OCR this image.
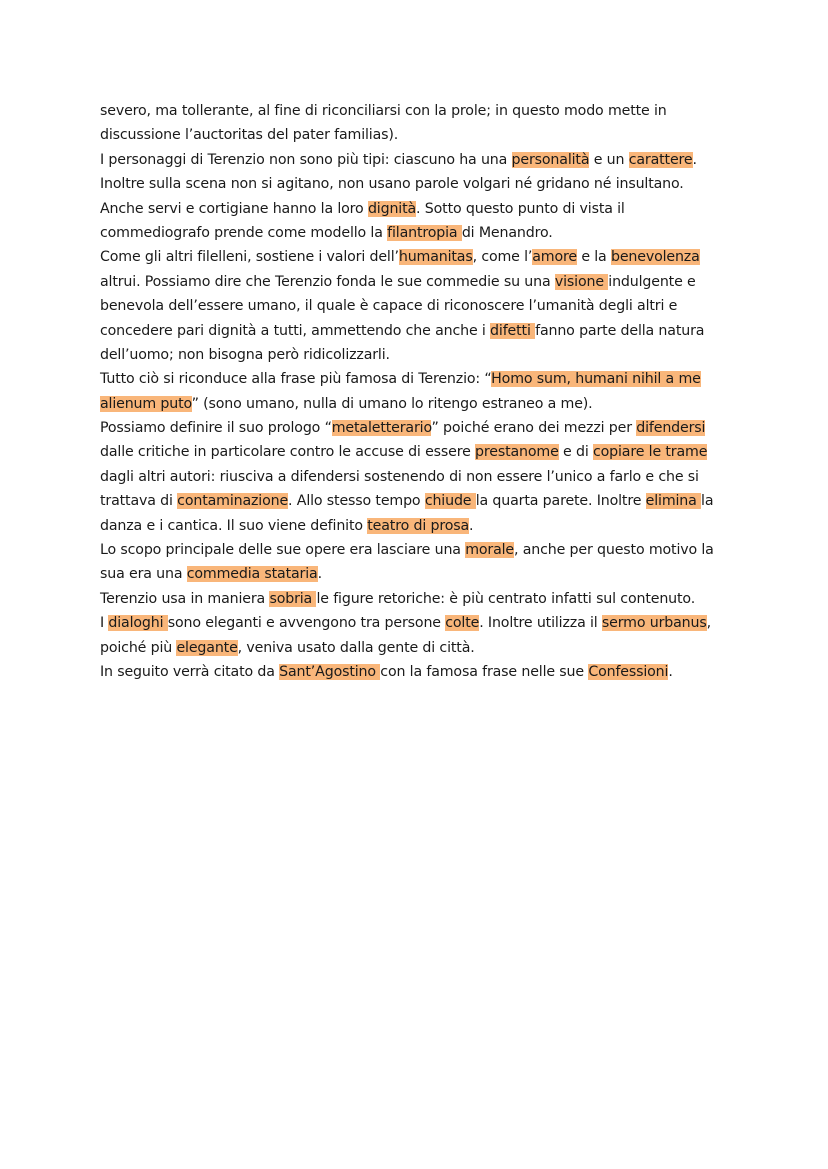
severo, ma tollerante, al fine di riconciliarsi con la prole; in questo modo mette in
discussione l’auctoritas del pater familias).
I personaggi di Terenzio non sono più tipi: ciascuno ha una personalità e un carattere.
Inoltre sulla scena non si agitano, non usano parole volgari né gridano né insultano.
Anche servi e cortigiane hanno la loro dignità. Sotto questo punto di vista il
commediografo prende come modello la filantropia di Menandro.
Come gli altri filelleni, sostiene i valori dell’humanitas, come l’amore e la benevolenza
altrui. Possiamo dire che Terenzio fonda le sue commedie su una visione indulgente e
benevola dell’essere umano, il quale è capace di riconoscere l’umanità degli altri e
concedere pari dignità a tutti, ammettendo che anche i difetti fanno parte della natura
dell’uomo; non bisogna però ridicolizzarli.
Tutto ciò si riconduce alla frase più famosa di Terenzio: “Homo sum, humani nihil a me
alienum puto” (sono umano, nulla di umano lo ritengo estraneo a me).
Possiamo definire il suo prologo “metaletterario” poiché erano dei mezzi per difendersi
dalle critiche in particolare contro le accuse di essere prestanome e di copiare le trame
dagli altri autori: riusciva a difendersi sostenendo di non essere l’unico a farlo e che si
trattava di contaminazione. Allo stesso tempo chiude la quarta parete. Inoltre elimina la
danza e i cantica. Il suo viene definito teatro di prosa.
Lo scopo principale delle sue opere era lasciare una morale, anche per questo motivo la
sua era una commedia stataria.
Terenzio usa in maniera sobria le figure retoriche: è più centrato infatti sul contenuto.
I dialoghi sono eleganti e avvengono tra persone colte. Inoltre utilizza il sermo urbanus,
poiché più elegante, veniva usato dalla gente di città.
In seguito verrà citato da Sant’Agostino con la famosa frase nelle sue Confessioni.
